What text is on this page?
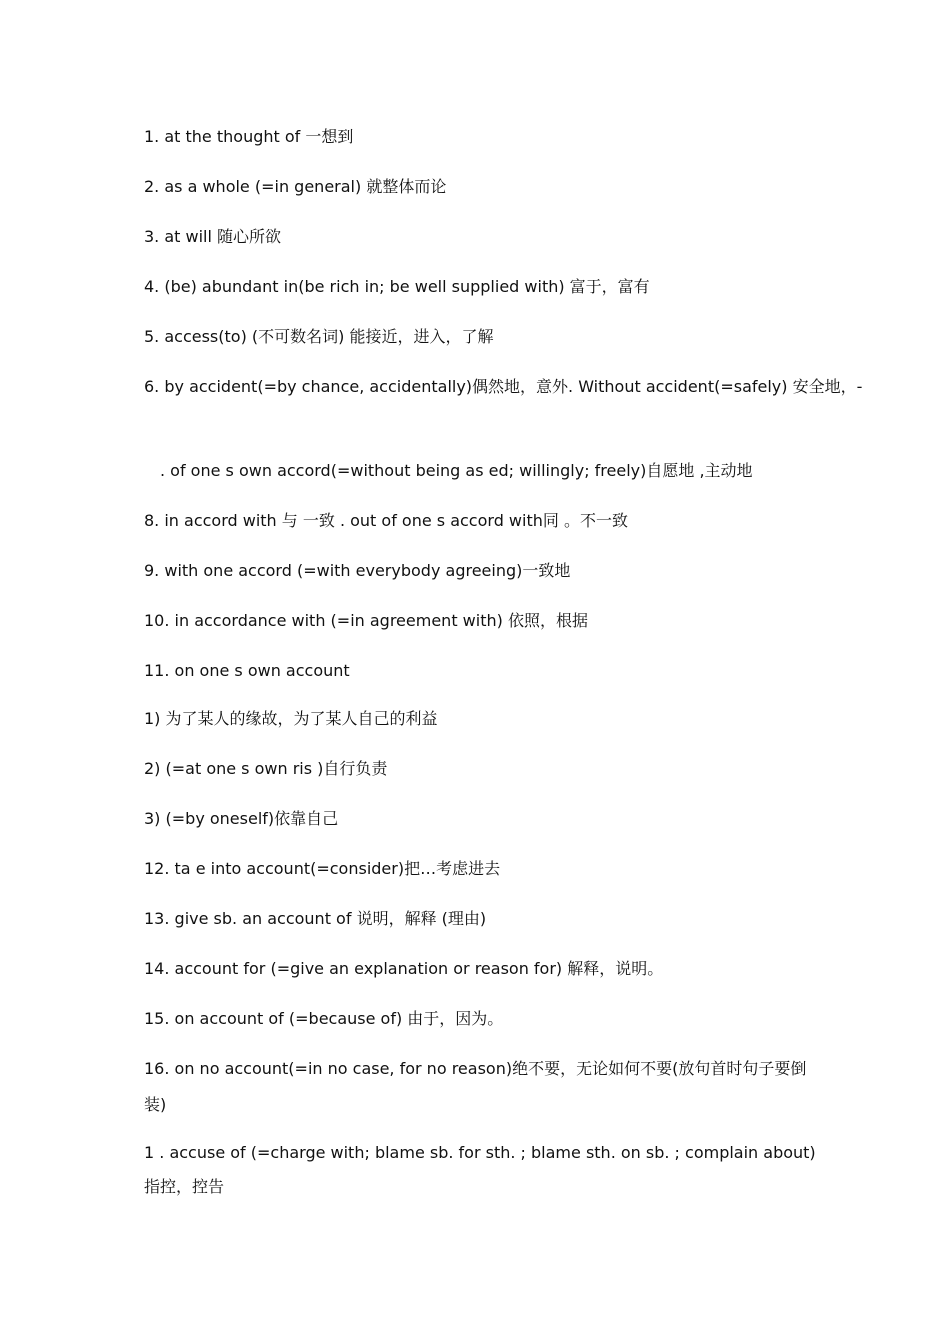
1. at the thought of 一想到
2. as a whole (=in general) 就整体而论
3. at will 随心所欲
4. (be) abundant in(be rich in; be well supplied with) 富于，富有
5. access(to) (不可数名词) 能接近，进入，了解
6. by accident(=by chance, accidentally)偶然地，意外. Without accident(=safely) 安全地，-
. of one s own accord(=without being as ed; willingly; freely)自愿地 ,主动地
8. in accord with 与 一致 . out of one s accord with同 。不一致
9. with one accord (=with everybody agreeing)一致地
10. in accordance with (=in agreement with) 依照，根据
11. on one s own account
1) 为了某人的缘故，为了某人自己的利益
2) (=at one s own ris )自行负责
3) (=by oneself)依靠自己
12. ta e into account(=consider)把…考虑进去
13. give sb. an account of 说明，解释 (理由)
14. account for (=give an explanation or reason for) 解释，说明。
15. on account of (=because of) 由于，因为。
16. on no account(=in no case, for no reason)绝不要，无论如何不要(放句首时句子要倒装)
1 . accuse of (=charge with; blame sb. for sth. ; blame sth. on sb. ; complain about) 指控，控告
